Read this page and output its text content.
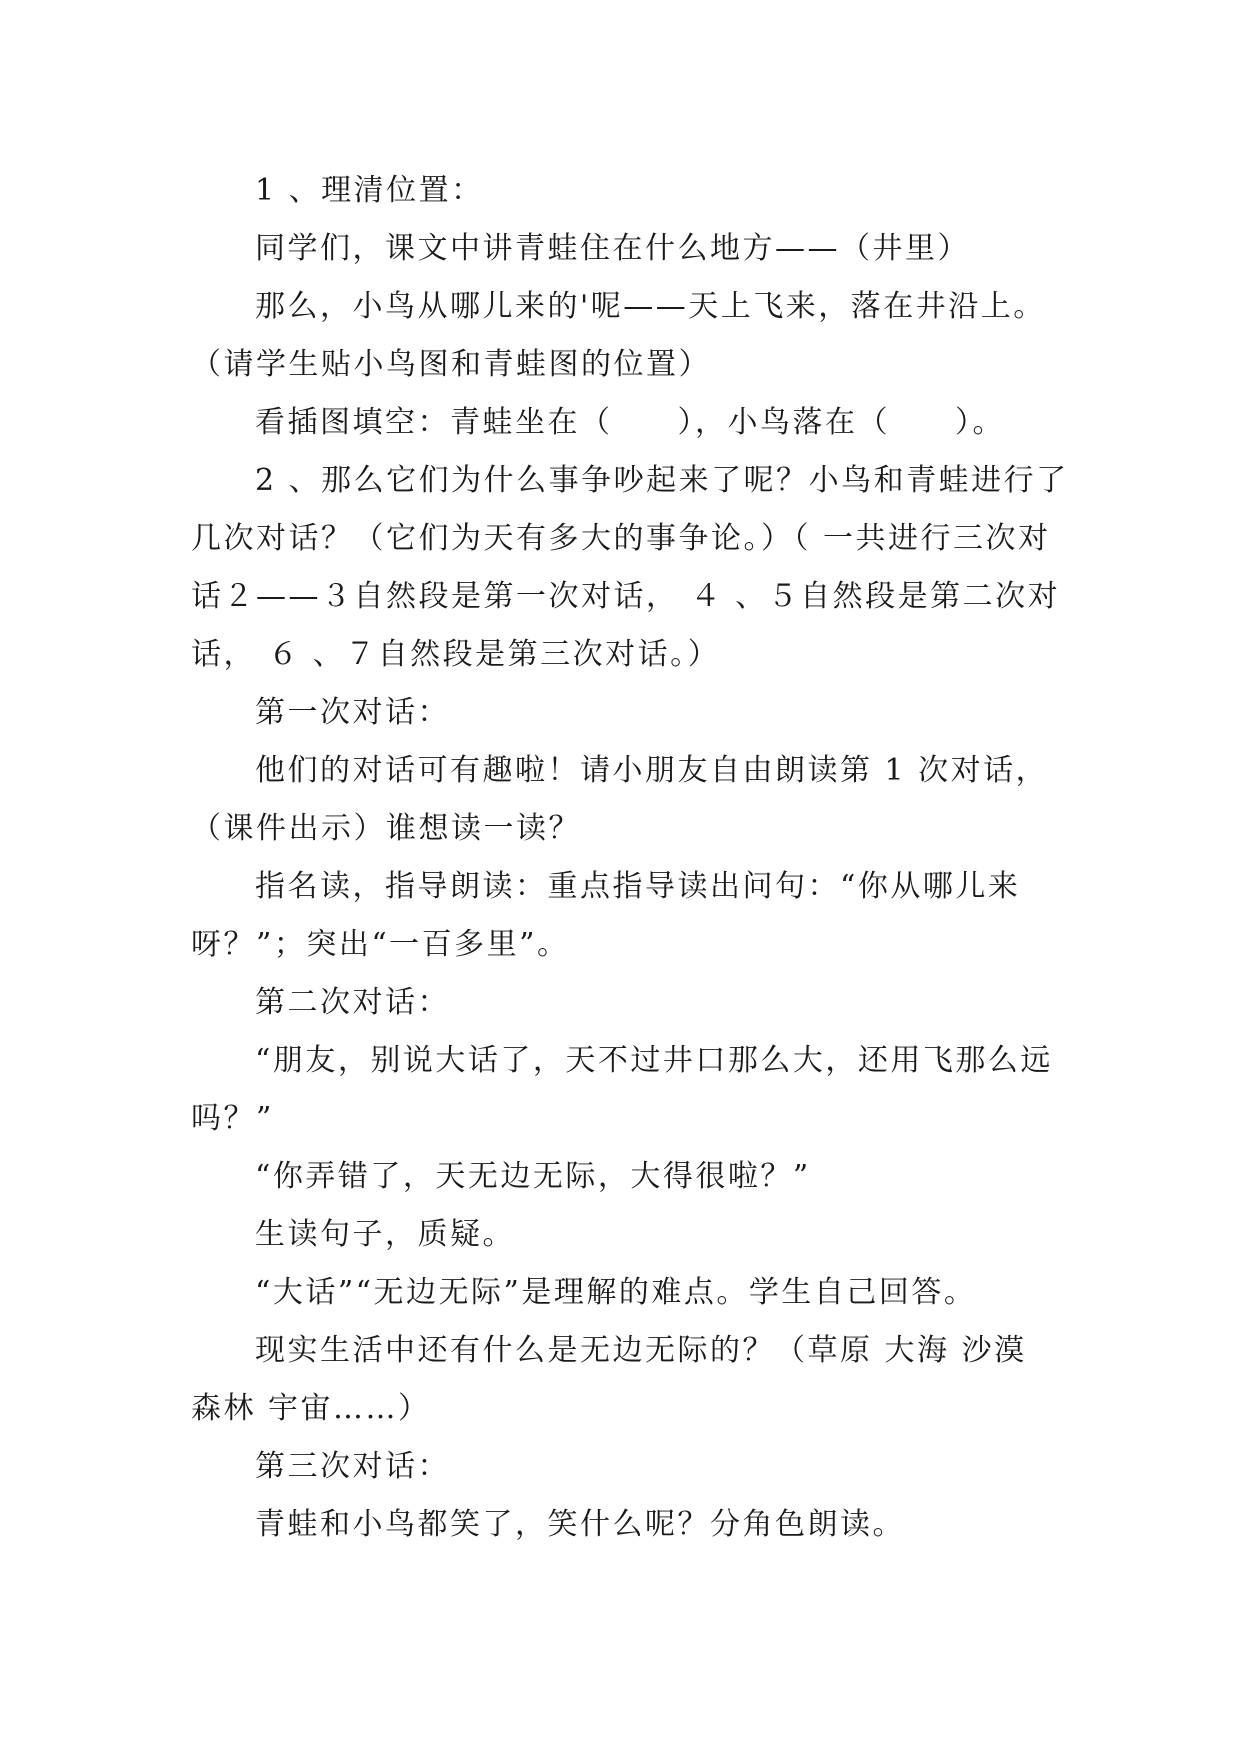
1 、理清位置：

同学们，课文中讲青蛙住在什么地方——（井里）

那么，小鸟从哪儿来的'呢——天上飞来，落在井沿上。（请学生贴小鸟图和青蛙图的位置）

看插图填空：青蛙坐在（　　），小鸟落在（　　）。

2 、那么它们为什么事争吵起来了呢？小鸟和青蛙进行了几次对话？（它们为天有多大的事争论。）（ 一共进行三次对话２——３自然段是第一次对话， ４ 、５自然段是第二次对话， ６ 、７自然段是第三次对话。）

第一次对话：

他们的对话可有趣啦！请小朋友自由朗读第 1 次对话，（课件出示）谁想读一读？

指名读，指导朗读：重点指导读出问句：“你从哪儿来呀？”；突出“一百多里”。

第二次对话：

“朋友，别说大话了，天不过井口那么大，还用飞那么远吗？”

“你弄错了，天无边无际，大得很啦？”

生读句子，质疑。

“大话”“无边无际”是理解的难点。学生自己回答。

现实生活中还有什么是无边无际的？（草原 大海 沙漠 森林 宇宙……）

第三次对话：

青蛙和小鸟都笑了，笑什么呢？分角色朗读。
